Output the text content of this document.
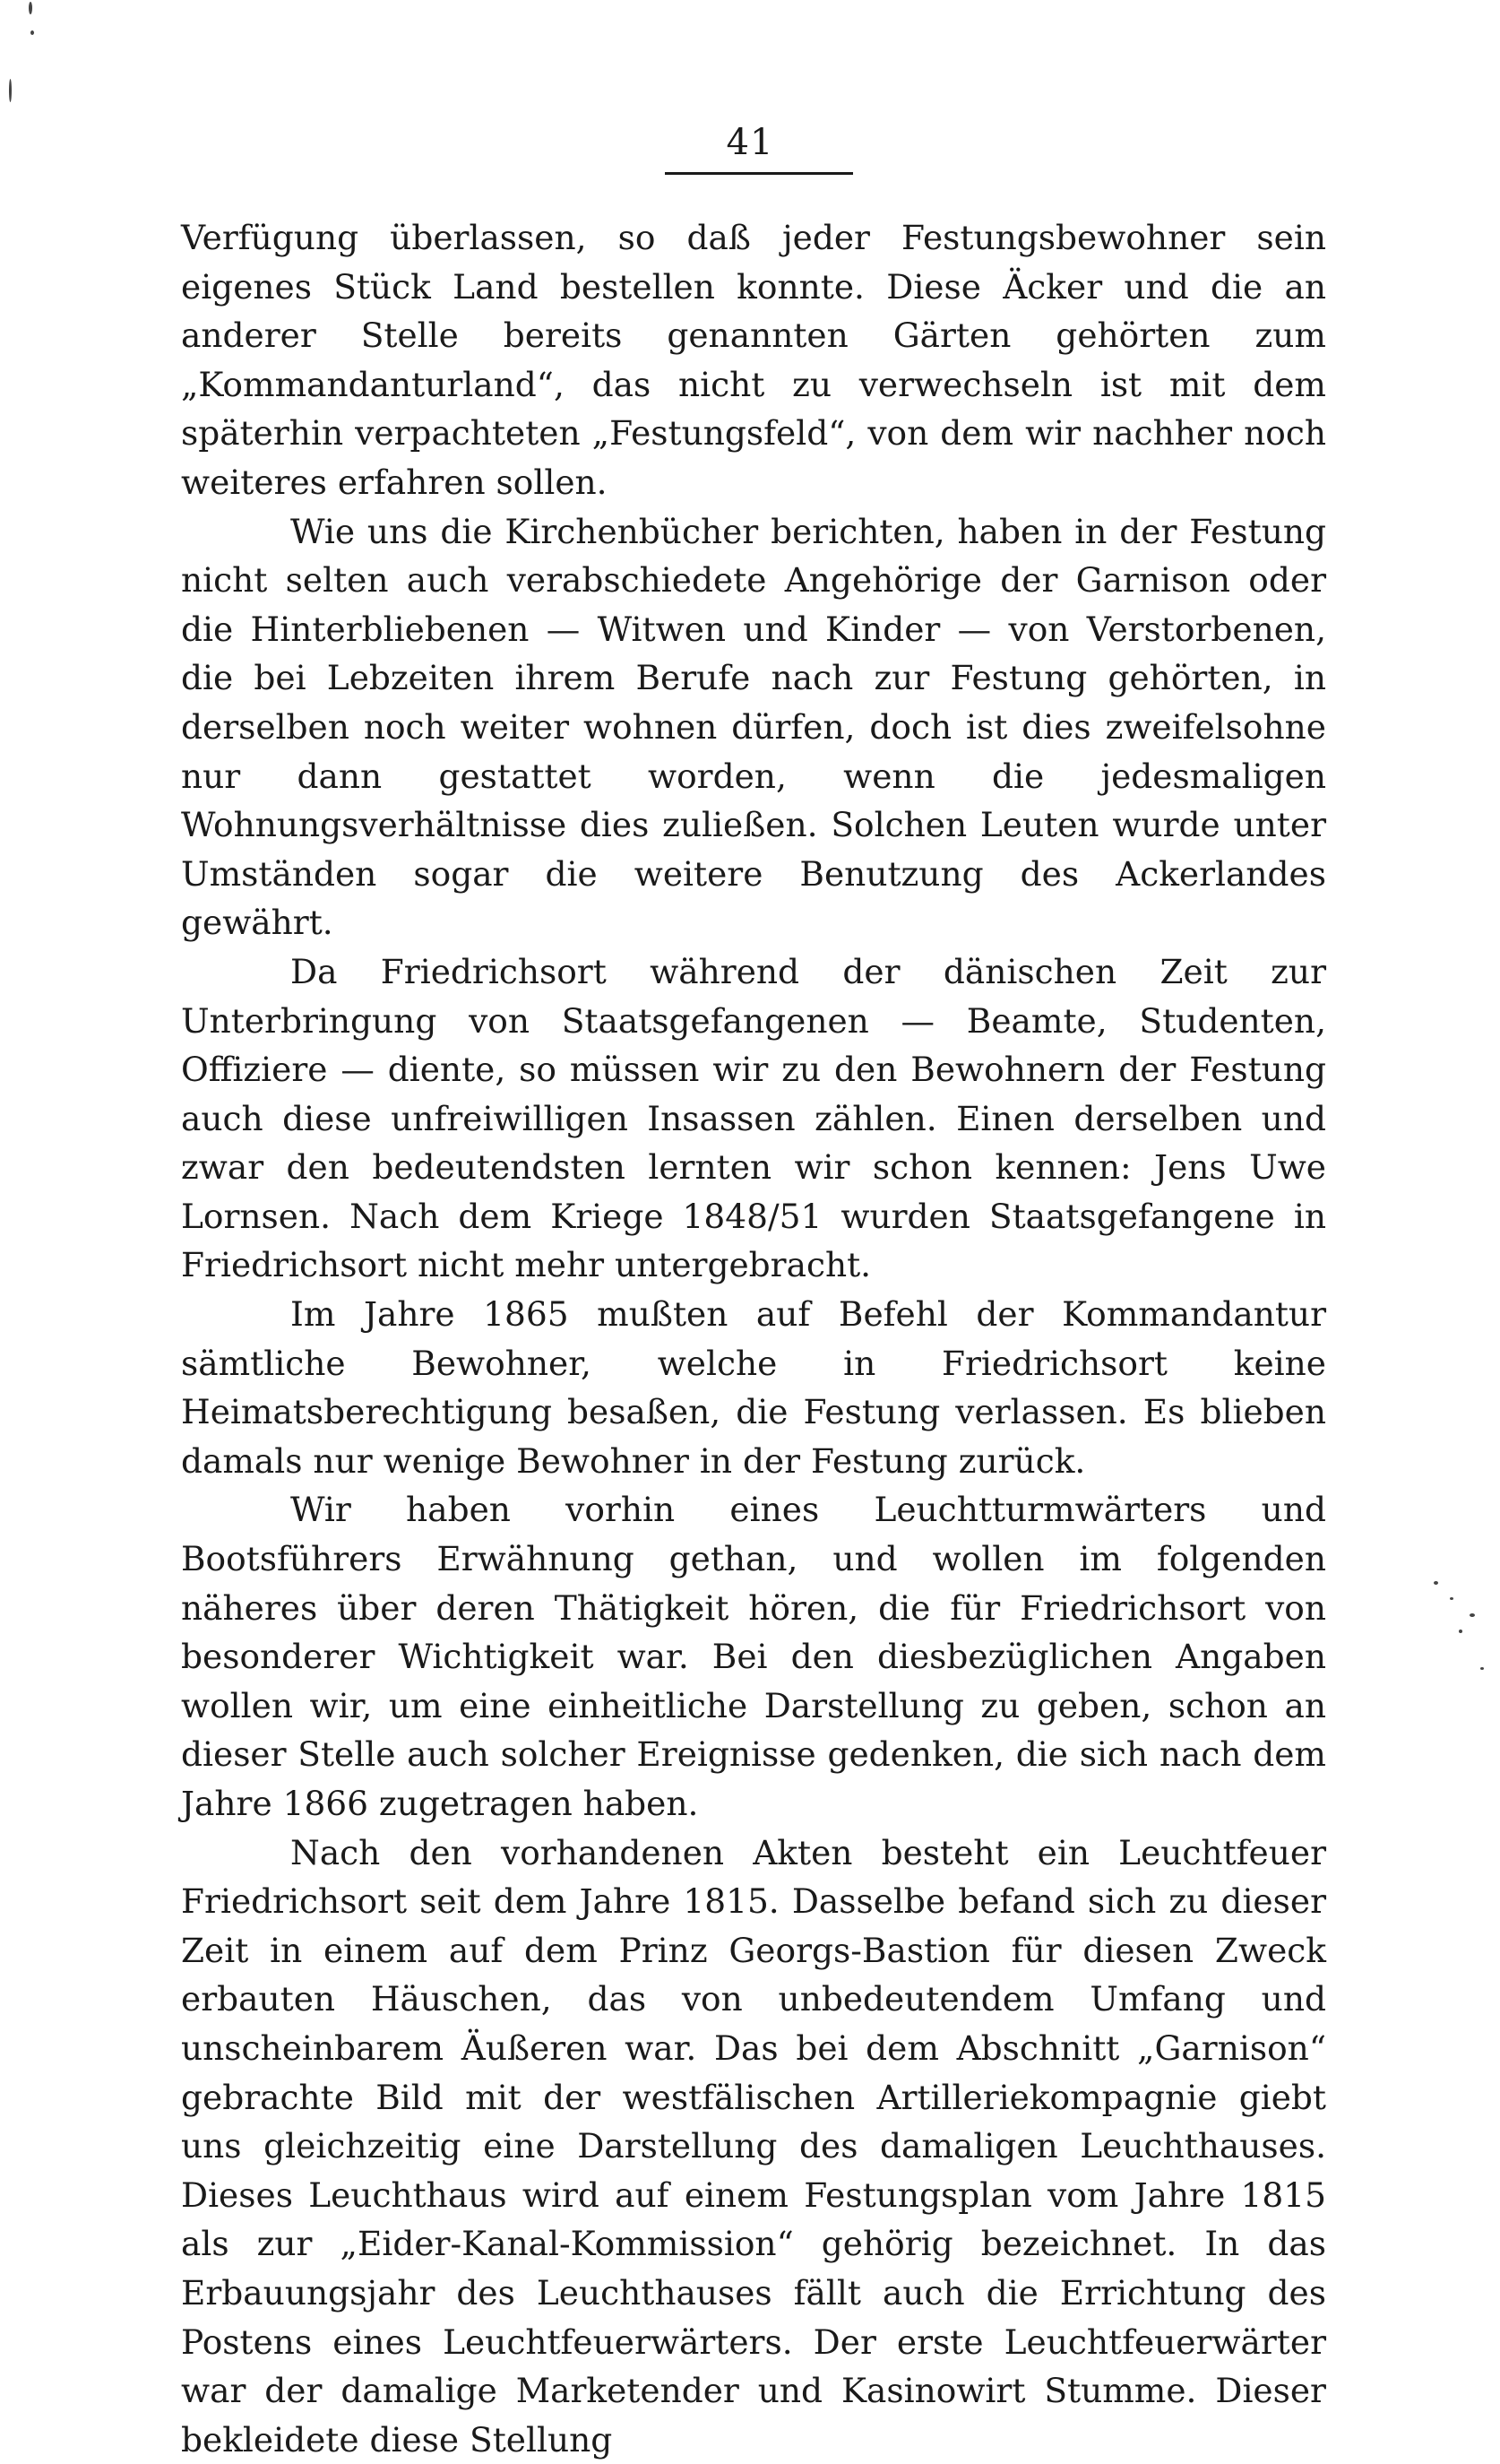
41

Verfügung überlassen, so daß jeder Festungsbewohner sein eigenes Stück Land bestellen konnte. Diese Äcker und die an anderer Stelle bereits genannten Gärten gehörten zum „Kommandanturland“, das nicht zu verwechseln ist mit dem späterhin verpachteten „Festungsfeld“, von dem wir nachher noch weiteres erfahren sollen.

Wie uns die Kirchenbücher berichten, haben in der Festung nicht selten auch verabschiedete Angehörige der Garnison oder die Hinterbliebenen — Witwen und Kinder — von Verstorbenen, die bei Lebzeiten ihrem Berufe nach zur Festung gehörten, in derselben noch weiter wohnen dürfen, doch ist dies zweifelsohne nur dann gestattet worden, wenn die jedesmaligen Wohnungsverhältnisse dies zuließen. Solchen Leuten wurde unter Umständen sogar die weitere Benutzung des Ackerlandes gewährt.

Da Friedrichsort während der dänischen Zeit zur Unterbringung von Staatsgefangenen — Beamte, Studenten, Offiziere — diente, so müssen wir zu den Bewohnern der Festung auch diese unfreiwilligen Insassen zählen. Einen derselben und zwar den bedeutendsten lernten wir schon kennen: Jens Uwe Lornsen. Nach dem Kriege 1848/51 wurden Staatsgefangene in Friedrichsort nicht mehr untergebracht.

Im Jahre 1865 mußten auf Befehl der Kommandantur sämtliche Bewohner, welche in Friedrichsort keine Heimatsberechtigung besaßen, die Festung verlassen. Es blieben damals nur wenige Bewohner in der Festung zurück.

Wir haben vorhin eines Leuchtturmwärters und Bootsführers Erwähnung gethan, und wollen im folgenden näheres über deren Thätigkeit hören, die für Friedrichsort von besonderer Wichtigkeit war. Bei den diesbezüglichen Angaben wollen wir, um eine einheitliche Darstellung zu geben, schon an dieser Stelle auch solcher Ereignisse gedenken, die sich nach dem Jahre 1866 zugetragen haben.

Nach den vorhandenen Akten besteht ein Leuchtfeuer Friedrichsort seit dem Jahre 1815. Dasselbe befand sich zu dieser Zeit in einem auf dem Prinz Georgs-Bastion für diesen Zweck erbauten Häuschen, das von unbedeutendem Umfang und unscheinbarem Äußeren war. Das bei dem Abschnitt „Garnison“ gebrachte Bild mit der westfälischen Artilleriekompagnie giebt uns gleichzeitig eine Darstellung des damaligen Leuchthauses. Dieses Leuchthaus wird auf einem Festungsplan vom Jahre 1815 als zur „Eider-Kanal-Kommission“ gehörig bezeichnet. In das Erbauungsjahr des Leuchthauses fällt auch die Errichtung des Postens eines Leuchtfeuerwärters. Der erste Leuchtfeuerwärter war der damalige Marketender und Kasinowirt Stumme. Dieser bekleidete diese Stellung
